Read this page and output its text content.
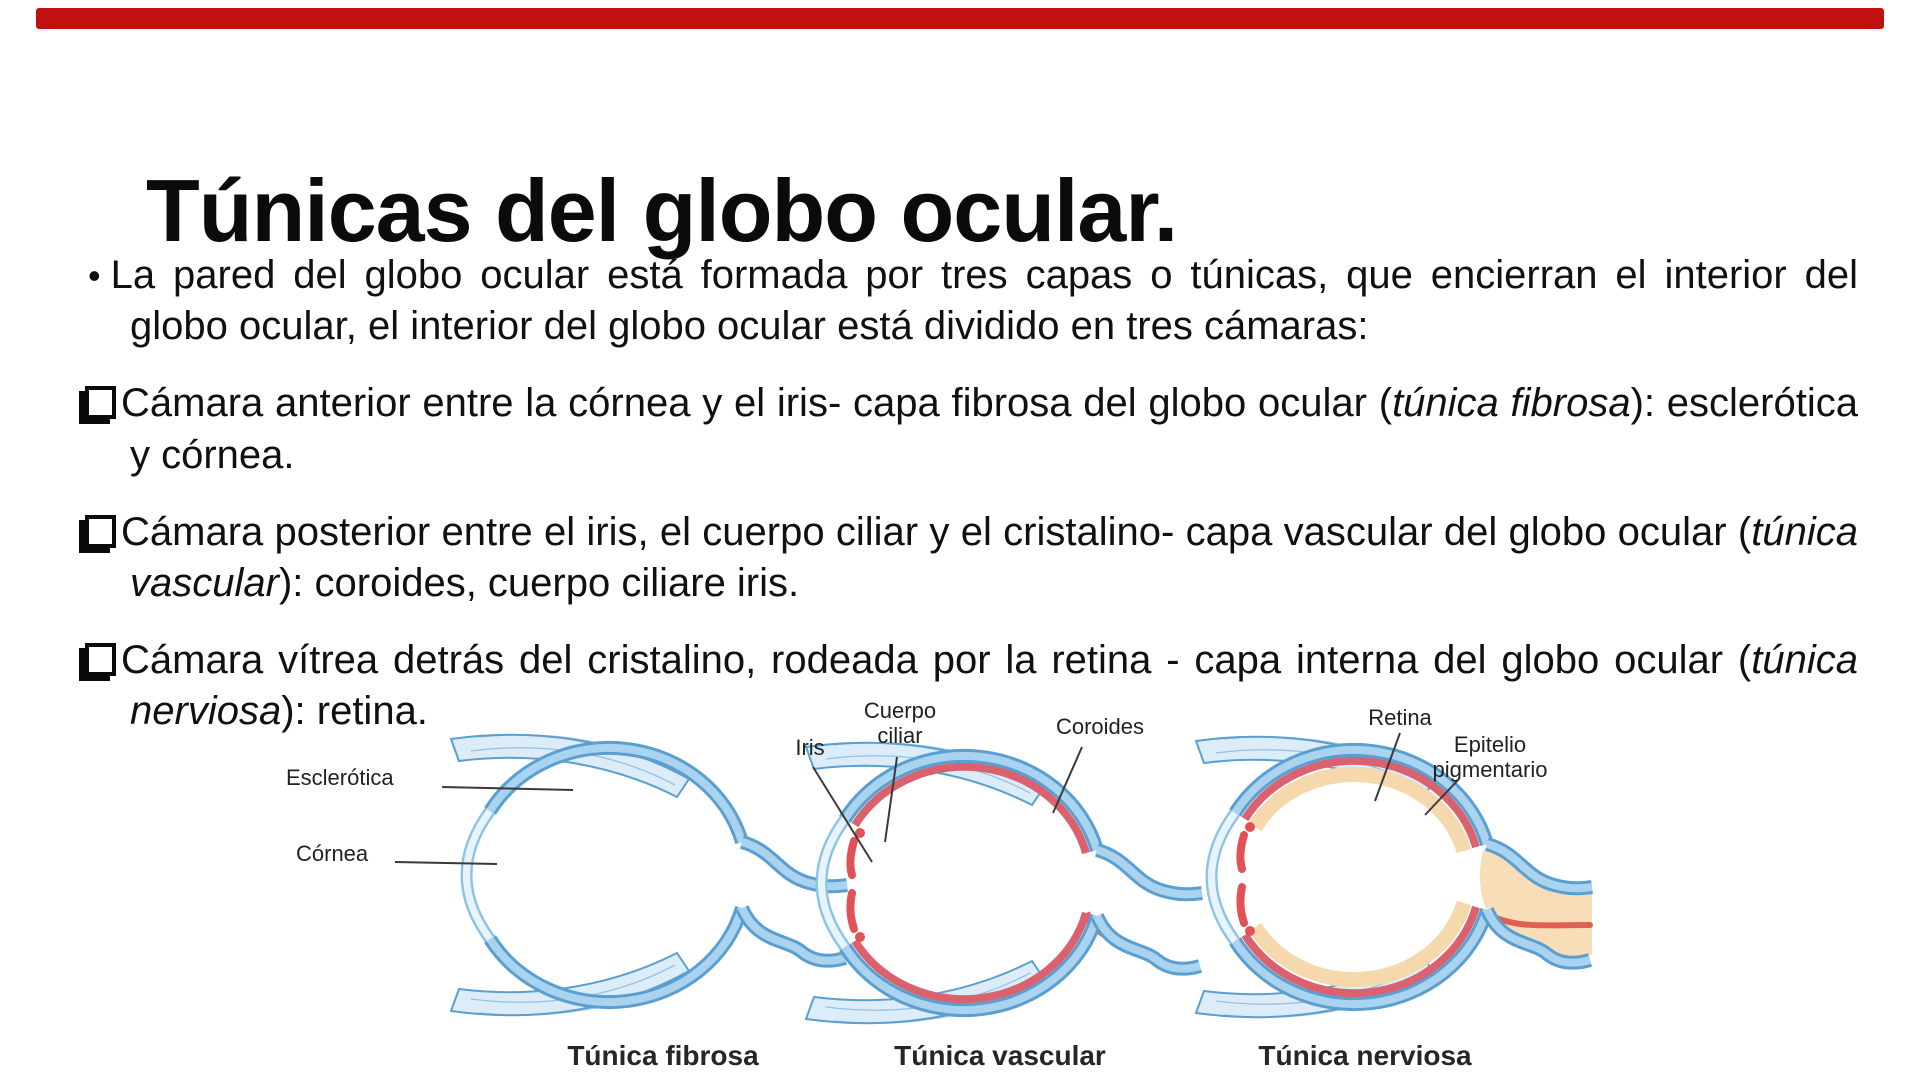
Túnicas del globo ocular.

• La pared del globo ocular está formada por tres capas o túnicas, que encierran el interior del globo ocular, el interior del globo ocular está dividido en tres cámaras:

Cámara anterior entre la córnea y el iris- capa fibrosa del globo ocular (túnica fibrosa): esclerótica y córnea.

Cámara posterior entre el iris, el cuerpo ciliar y el cristalino- capa vascular del globo ocular (túnica vascular): coroides, cuerpo ciliare iris.

Cámara vítrea detrás del cristalino, rodeada por la retina - capa interna del globo ocular (túnica nerviosa): retina.

Esclerótica
Córnea
Iris
Cuerpo ciliar	Coroides	Retina
Epitelio pigmentario
Túnica fibrosa	Túnica vascular	Túnica nerviosa
